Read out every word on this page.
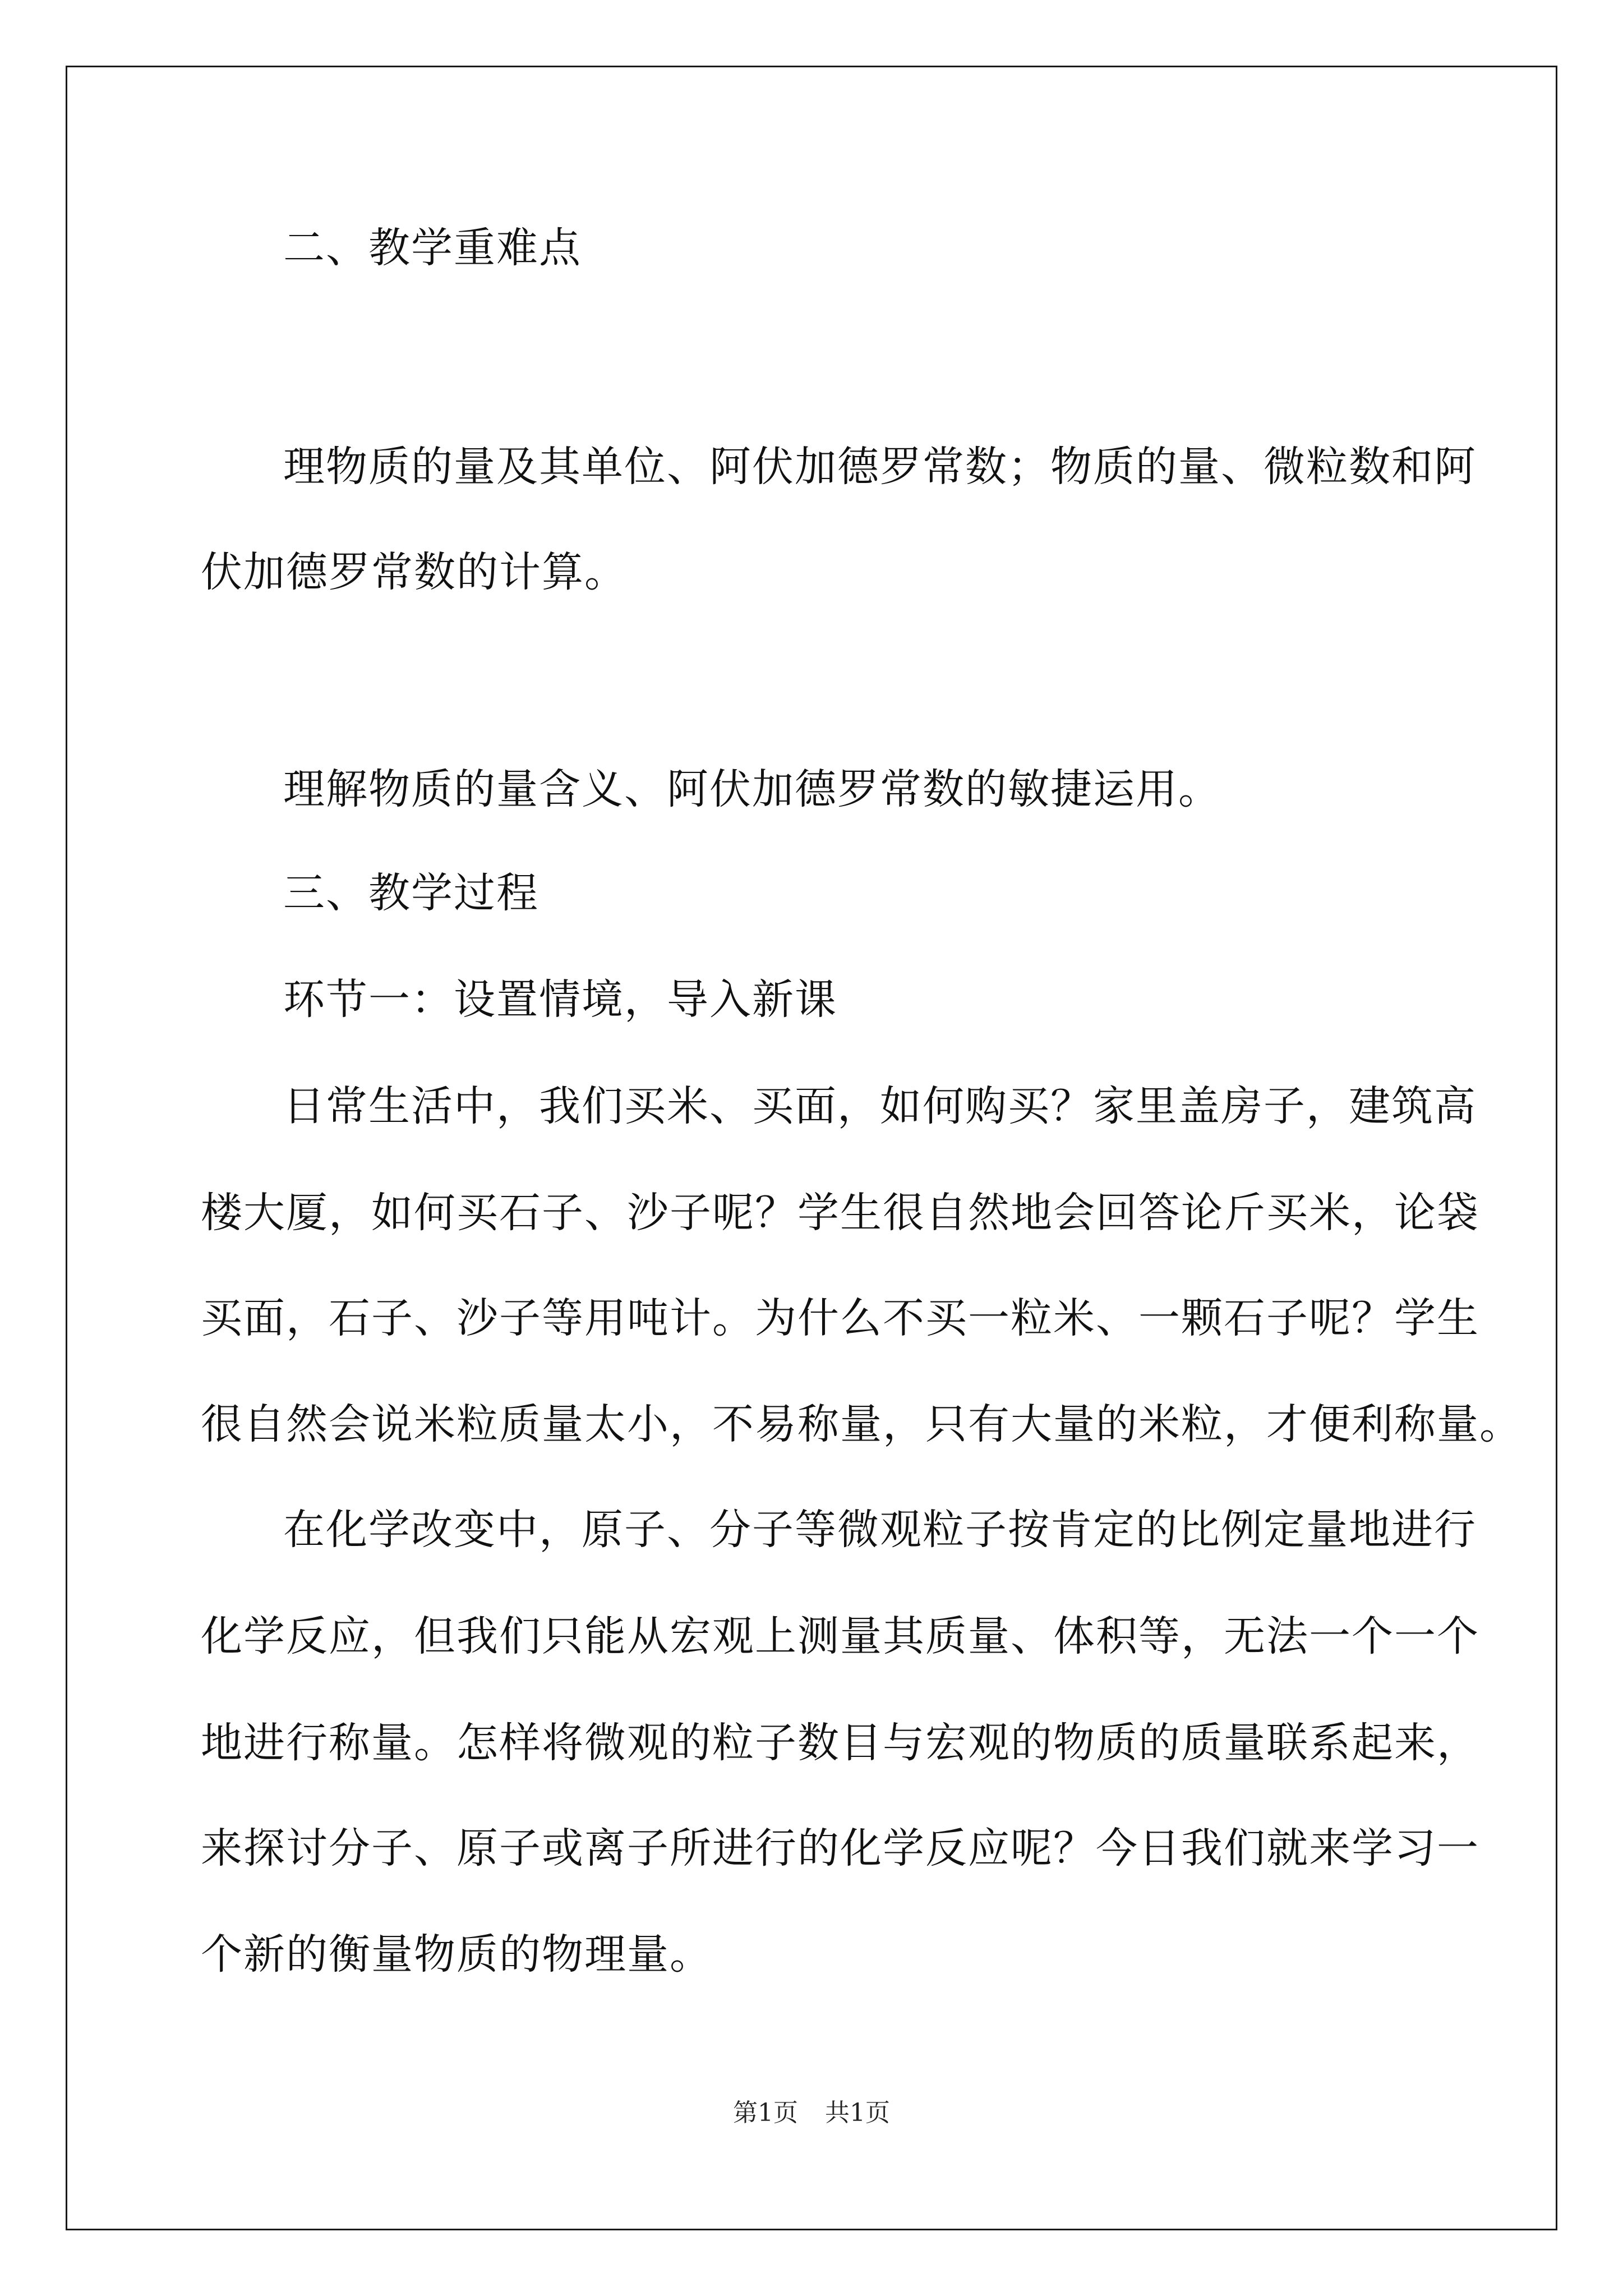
二、教学重难点
理物质的量及其单位、阿伏加德罗常数；物质的量、微粒数和阿
伏加德罗常数的计算。
理解物质的量含义、阿伏加德罗常数的敏捷运用。
三、教学过程
环节一：设置情境，导入新课
日常生活中，我们买米、买面，如何购买？家里盖房子，建筑高
楼大厦，如何买石子、沙子呢？学生很自然地会回答论斤买米，论袋
买面，石子、沙子等用吨计。为什么不买一粒米、一颗石子呢？学生
很自然会说米粒质量太小，不易称量，只有大量的米粒，才便利称量。
在化学改变中，原子、分子等微观粒子按肯定的比例定量地进行
化学反应，但我们只能从宏观上测量其质量、体积等，无法一个一个
地进行称量。怎样将微观的粒子数目与宏观的物质的质量联系起来，
来探讨分子、原子或离子所进行的化学反应呢？今日我们就来学习一
个新的衡量物质的物理量。
第1页 共1页
